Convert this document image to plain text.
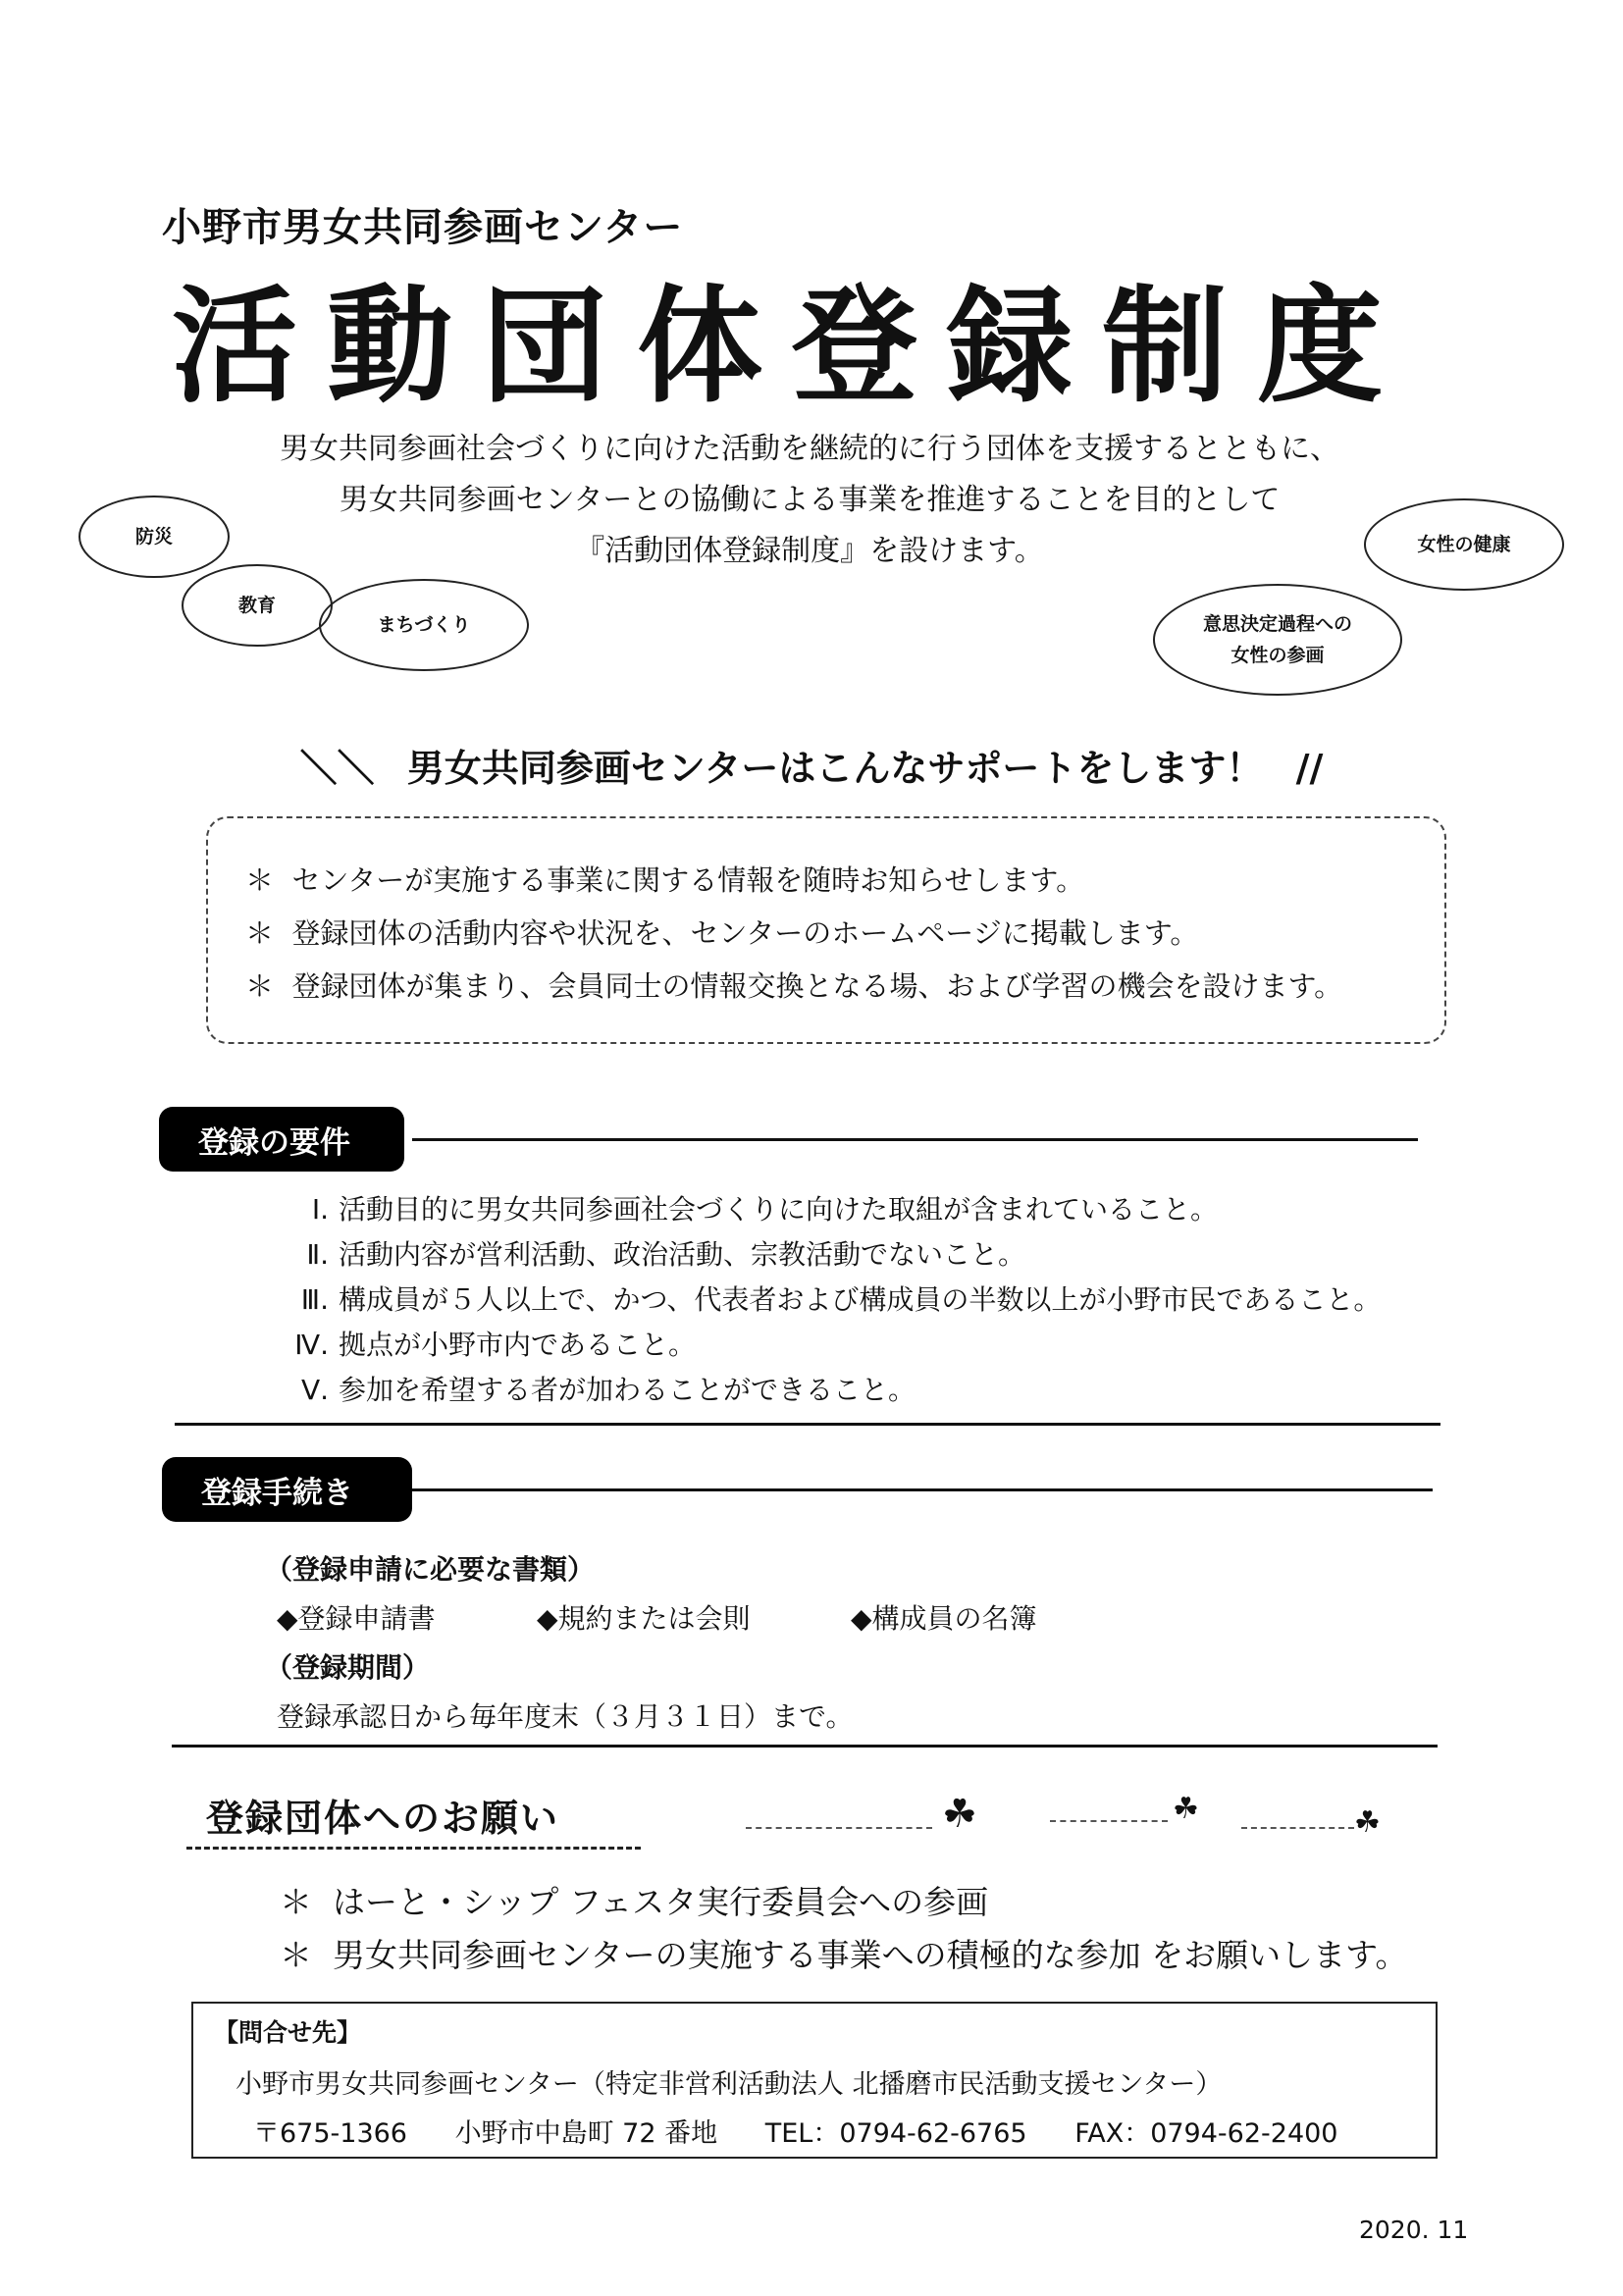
小野市男女共同参画センター
活動団体登録制度
男女共同参画社会づくりに向けた活動を継続的に行う団体を支援するとともに、
男女共同参画センターとの協働による事業を推進することを目的として
『活動団体登録制度』を設けます。
防災
教育
まちづくり
女性の健康
意思決定過程への
女性の参画
＼＼ 男女共同参画センターはこんなサポートをします！ //
＊ センターが実施する事業に関する情報を随時お知らせします。
＊ 登録団体の活動内容や状況を、センターのホームページに掲載します。
＊ 登録団体が集まり、会員同士の情報交換となる場、および学習の機会を設けます。
登録の要件
Ⅰ. 活動目的に男女共同参画社会づくりに向けた取組が含まれていること。
Ⅱ. 活動内容が営利活動、政治活動、宗教活動でないこと。
Ⅲ. 構成員が５人以上で、かつ、代表者および構成員の半数以上が小野市民であること。
Ⅳ. 拠点が小野市内であること。
Ⅴ. 参加を希望する者が加わることができること。
登録手続き
（登録申請に必要な書類）
◆登録申請書	◆規約または会則	◆構成員の名簿
（登録期間）
登録承認日から毎年度末（３月３１日）まで。
登録団体へのお願い	☘	☘	☘
＊ はーと・シップ フェスタ実行委員会への参画
＊ 男女共同参画センターの実施する事業への積極的な参加 をお願いします。
【問合せ先】
小野市男女共同参画センター（特定非営利活動法人 北播磨市民活動支援センター）
〒675-1366 小野市中島町 72 番地 TEL：0794-62-6765 FAX：0794-62-2400
2020. 11
